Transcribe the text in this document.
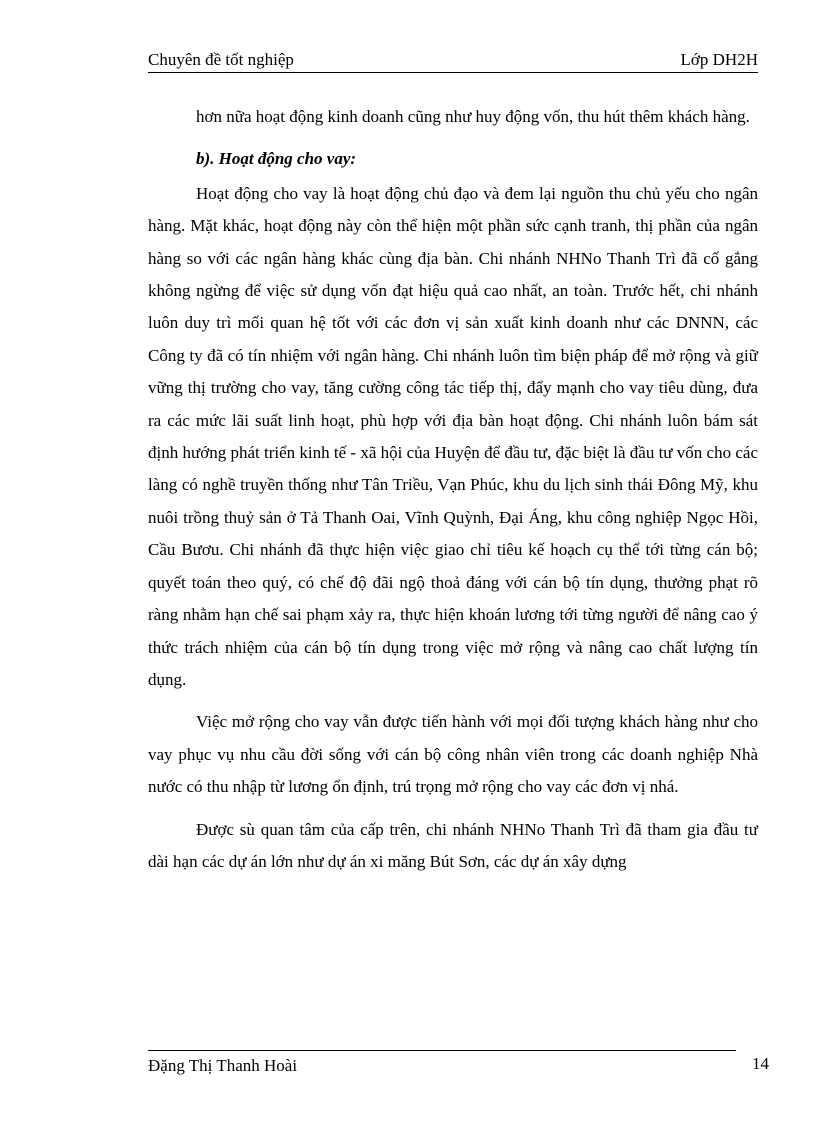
Chuyên đề tốt nghiệp	Lớp DH2H

hơn nữa hoạt động kinh doanh cũng như huy động vốn, thu hút thêm khách hàng.

b). Hoạt động cho vay:

Hoạt động cho vay là hoạt động chủ đạo và đem lại nguồn thu chủ yếu cho ngân hàng. Mặt khác, hoạt động này còn thể hiện một phần sức cạnh tranh, thị phần của ngân hàng so với các ngân hàng khác cùng địa bàn. Chi nhánh NHNo Thanh Trì đã cố gắng không ngừng để việc sử dụng vốn đạt hiệu quả cao nhất, an toàn. Trước hết, chi nhánh luôn duy trì mối quan hệ tốt với các đơn vị sản xuất kinh doanh như các DNNN, các Công ty đã có tín nhiệm với ngân hàng. Chi nhánh luôn tìm biện pháp để mở rộng và giữ vững thị trường cho vay, tăng cường công tác tiếp thị, đẩy mạnh cho vay tiêu dùng, đưa ra các mức lãi suất linh hoạt, phù hợp với địa bàn hoạt động. Chi nhánh luôn bám sát định hướng phát triển kinh tế - xã hội của Huyện để đầu tư, đặc biệt là đầu tư vốn cho các làng có nghề truyền thống như Tân Triều, Vạn Phúc, khu du lịch sinh thái Đông Mỹ, khu nuôi trồng thuỷ sản ở Tả Thanh Oai, Vĩnh Quỳnh, Đại Áng, khu công nghiệp Ngọc Hồi, Cầu Bươu. Chi nhánh đã thực hiện việc giao chỉ tiêu kế hoạch cụ thể tới từng cán bộ; quyết toán theo quý, có chế độ đãi ngộ thoả đáng với cán bộ tín dụng, thưởng phạt rõ ràng nhằm hạn chế sai phạm xảy ra, thực hiện khoán lương tới từng người để nâng cao ý thức trách nhiệm của cán bộ tín dụng trong việc mở rộng và nâng cao chất lượng tín dụng.

Việc mở rộng cho vay vẫn được tiến hành với mọi đối tượng khách hàng như cho vay phục vụ nhu cầu đời sống với cán bộ công nhân viên trong các doanh nghiệp Nhà nước có thu nhập từ lương ổn định, trú trọng mở rộng cho vay các đơn vị nhá.

Được sù quan tâm của cấp trên, chi nhánh NHNo Thanh Trì đã tham gia đầu tư dài hạn các dự án lớn như dự án xi măng Bút Sơn, các dự án xây dựng

Đặng Thị Thanh Hoài	14
